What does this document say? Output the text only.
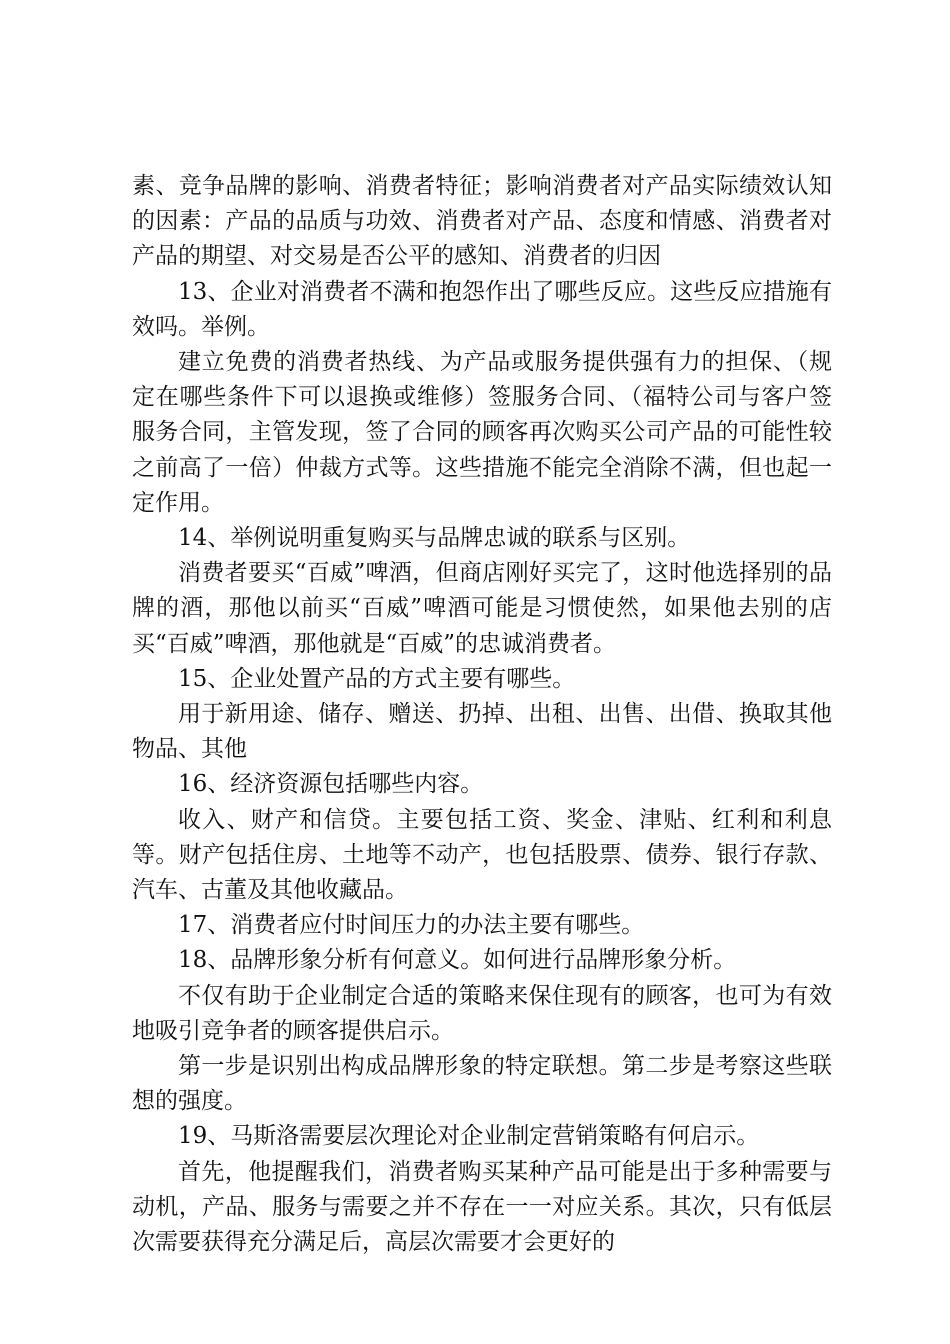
素、竞争品牌的影响、消费者特征；影响消费者对产品实际绩效认知的因素：产品的品质与功效、消费者对产品、态度和情感、消费者对产品的期望、对交易是否公平的感知、消费者的归因

13、企业对消费者不满和抱怨作出了哪些反应。这些反应措施有效吗。举例。

建立免费的消费者热线、为产品或服务提供强有力的担保、（规定在哪些条件下可以退换或维修）签服务合同、（福特公司与客户签服务合同，主管发现，签了合同的顾客再次购买公司产品的可能性较之前高了一倍）仲裁方式等。这些措施不能完全消除不满，但也起一定作用。

14、举例说明重复购买与品牌忠诚的联系与区别。

消费者要买“百威”啤酒，但商店刚好买完了，这时他选择别的品牌的酒，那他以前买“百威”啤酒可能是习惯使然，如果他去别的店买“百威”啤酒，那他就是“百威”的忠诚消费者。

15、企业处置产品的方式主要有哪些。

用于新用途、储存、赠送、扔掉、出租、出售、出借、换取其他物品、其他

16、经济资源包括哪些内容。

收入、财产和信贷。主要包括工资、奖金、津贴、红利和利息等。财产包括住房、土地等不动产，也包括股票、债券、银行存款、汽车、古董及其他收藏品。

17、消费者应付时间压力的办法主要有哪些。

18、品牌形象分析有何意义。如何进行品牌形象分析。

不仅有助于企业制定合适的策略来保住现有的顾客，也可为有效地吸引竞争者的顾客提供启示。

第一步是识别出构成品牌形象的特定联想。第二步是考察这些联想的强度。

19、马斯洛需要层次理论对企业制定营销策略有何启示。

首先，他提醒我们，消费者购买某种产品可能是出于多种需要与动机，产品、服务与需要之并不存在一一对应关系。其次，只有低层次需要获得充分满足后，高层次需要才会更好的
